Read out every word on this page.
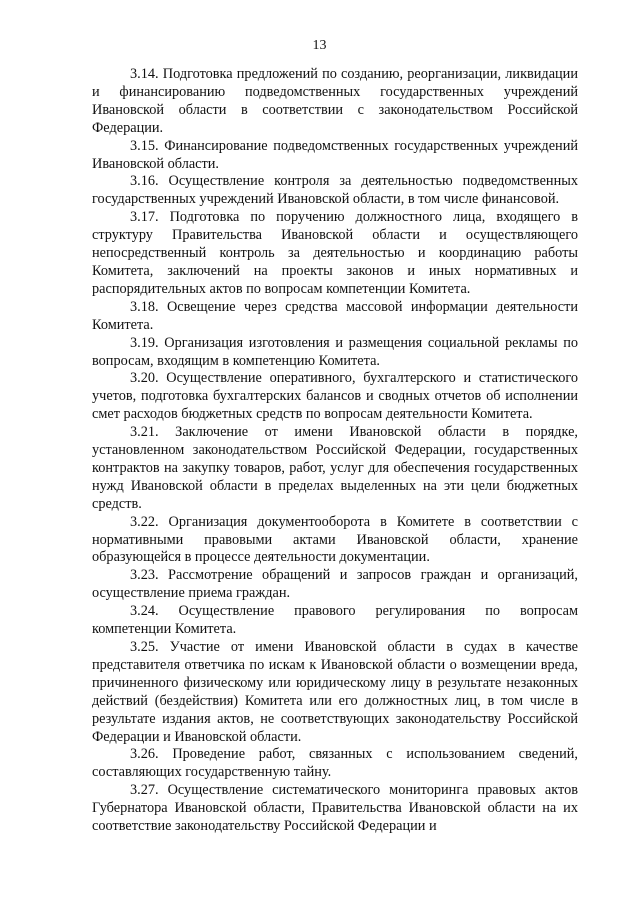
13

3.14. Подготовка предложений по созданию, реорганизации, ликвидации и финансированию подведомственных государственных учреждений Ивановской области в соответствии с законодательством Российской Федерации.

3.15. Финансирование подведомственных государственных учреждений Ивановской области.

3.16. Осуществление контроля за деятельностью подведомственных государственных учреждений Ивановской области, в том числе финансовой.

3.17. Подготовка по поручению должностного лица, входящего в структуру Правительства Ивановской области и осуществляющего непосредственный контроль за деятельностью и координацию работы Комитета, заключений на проекты законов и иных нормативных и распорядительных актов по вопросам компетенции Комитета.

3.18. Освещение через средства массовой информации деятельности Комитета.

3.19. Организация изготовления и размещения социальной рекламы по вопросам, входящим в компетенцию Комитета.

3.20. Осуществление оперативного, бухгалтерского и статистического учетов, подготовка бухгалтерских балансов и сводных отчетов об исполнении смет расходов бюджетных средств по вопросам деятельности Комитета.

3.21. Заключение от имени Ивановской области в порядке, установленном законодательством Российской Федерации, государственных контрактов на закупку товаров, работ, услуг для обеспечения государственных нужд Ивановской области в пределах выделенных на эти цели бюджетных средств.

3.22. Организация документооборота в Комитете в соответствии с нормативными правовыми актами Ивановской области, хранение образующейся в процессе деятельности документации.

3.23. Рассмотрение обращений и запросов граждан и организаций, осуществление приема граждан.

3.24. Осуществление правового регулирования по вопросам компетенции Комитета.

3.25. Участие от имени Ивановской области в судах в качестве представителя ответчика по искам к Ивановской области о возмещении вреда, причиненного физическому или юридическому лицу в результате незаконных действий (бездействия) Комитета или его должностных лиц, в том числе в результате издания актов, не соответствующих законодательству Российской Федерации и Ивановской области.

3.26. Проведение работ, связанных с использованием сведений, составляющих государственную тайну.

3.27. Осуществление систематического мониторинга правовых актов Губернатора Ивановской области, Правительства Ивановской области на их соответствие законодательству Российской Федерации и
